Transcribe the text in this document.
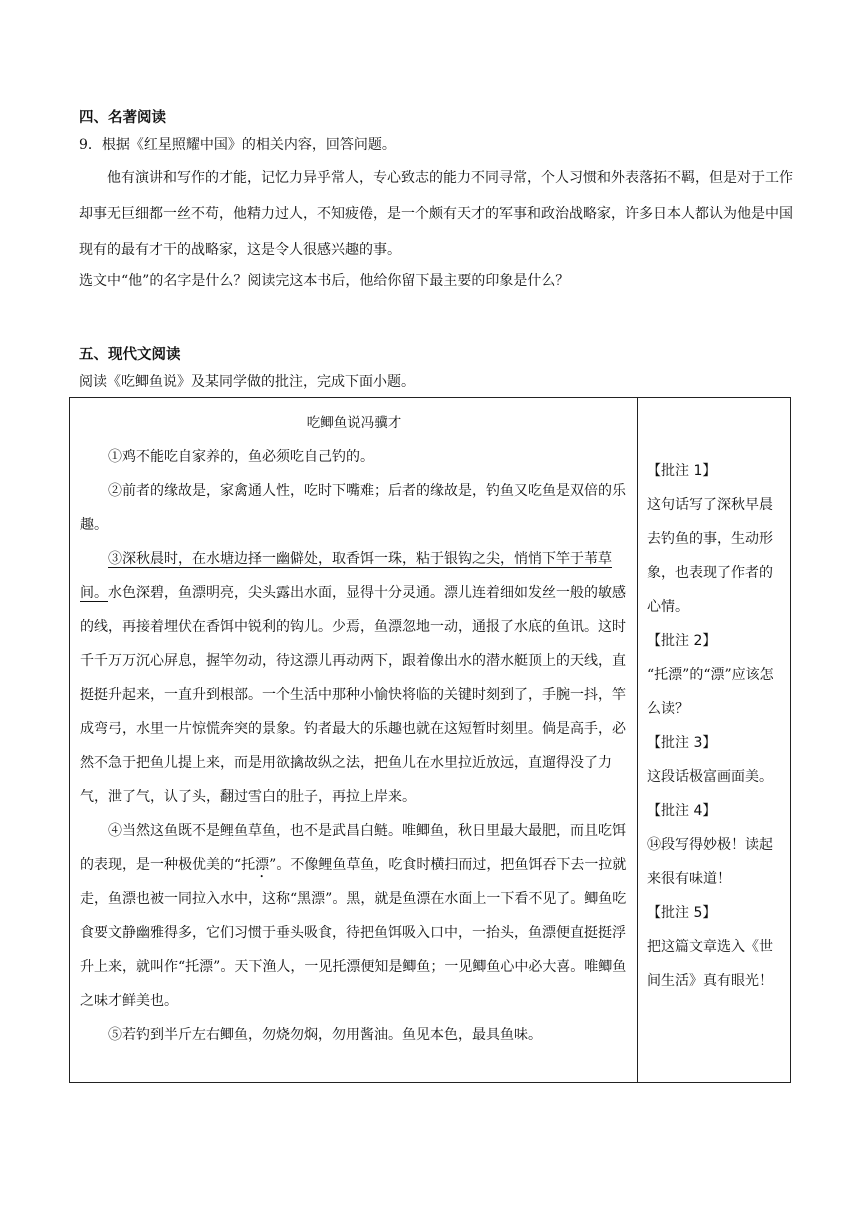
四、名著阅读
9．根据《红星照耀中国》的相关内容，回答问题。
他有演讲和写作的才能，记忆力异乎常人，专心致志的能力不同寻常，个人习惯和外表落拓不羁，但是对于工作却事无巨细都一丝不苟，他精力过人，不知疲倦，是一个颇有天才的军事和政治战略家，许多日本人都认为他是中国现有的最有才干的战略家，这是令人很感兴趣的事。
选文中“他”的名字是什么？阅读完这本书后，他给你留下最主要的印象是什么？
五、现代文阅读
阅读《吃鲫鱼说》及某同学做的批注，完成下面小题。
吃鲫鱼说冯骥才

①鸡不能吃自家养的，鱼必须吃自己钓的。

②前者的缘故是，家禽通人性，吃时下嘴难；后者的缘故是，钓鱼又吃鱼是双倍的乐趣。

③深秋晨时，在水塘边择一幽僻处，取香饵一珠，粘于银钩之尖，悄悄下竿于苇草间。水色深碧，鱼漂明亮，尖头露出水面，显得十分灵通。漂儿连着细如发丝一般的敏感的线，再接着埋伏在香饵中锐利的钩儿。少焉，鱼漂忽地一动，通报了水底的鱼讯。这时千千万万沉心屏息，握竿勿动，待这漂儿再动两下，跟着像出水的潜水艇顶上的天线，直挺挺升起来，一直升到根部。一个生活中那种小愉快将临的关键时刻到了，手腕一抖，竿成弯弓，水里一片惊慌奔突的景象。钓者最大的乐趣也就在这短暂时刻里。倘是高手，必然不急于把鱼儿提上来，而是用欲擒故纵之法，把鱼儿在水里拉近放远，直遛得没了力气，泄了气，认了头，翻过雪白的肚子，再拉上岸来。

④当然这鱼既不是鲤鱼草鱼，也不是武昌白鲢。唯鲫鱼，秋日里最大最肥，而且吃饵的表现，是一种极优美的“托漂”。不像鲤鱼草鱼，吃食时横扫而过，把鱼饵吞下去一拉就走，鱼漂也被一同拉入水中，这称“黑漂”。黑，就是鱼漂在水面上一下看不见了。鲫鱼吃食要文静幽雅得多，它们习惯于垂头吸食，待把鱼饵吸入口中，一抬头，鱼漂便直挺挺浮升上来，就叫作“托漂”。天下渔人，一见托漂便知是鲫鱼；一见鲫鱼心中必大喜。唯鲫鱼之味才鲜美也。

⑤若钓到半斤左右鲫鱼，勿烧勿焖，勿用酱油。鱼见本色，最具鱼味。

【批注 1】
这句话写了深秋早晨去钓鱼的事，生动形象，也表现了作者的心情。
【批注 2】
“托漂”的“漂”应该怎么读？
【批注 3】
这段话极富画面美。
【批注 4】
⑭段写得妙极！读起来很有味道！
【批注 5】
把这篇文章选入《世间生活》真有眼光！
